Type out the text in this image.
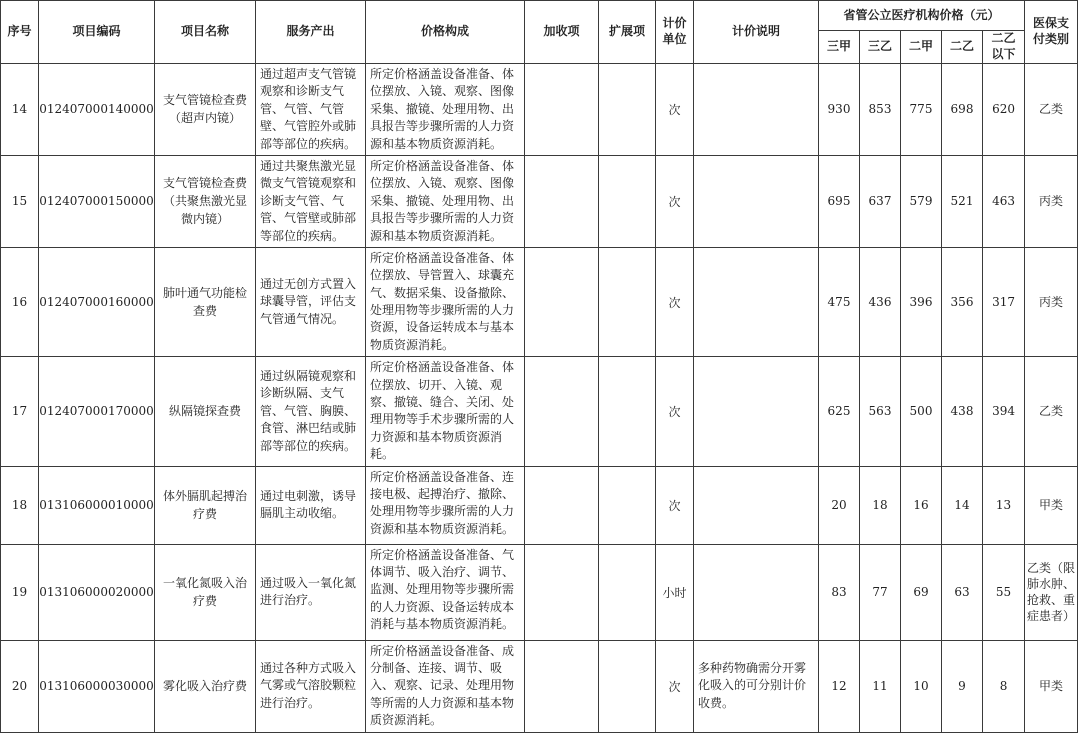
序号	项目编码	项目名称	服务产出	价格构成	加收项	扩展项	计价单位	计价说明	省管公立医疗机构价格（元）					医保支付类别
									三甲	三乙	二甲	二乙	二乙以下	
14	012407000140000	支气管镜检查费（超声内镜）	通过超声支气管镜观察和诊断支气管、气管、气管壁、气管腔外或肺部等部位的疾病。	所定价格涵盖设备准备、体位摆放、入镜、观察、图像采集、撤镜、处理用物、出具报告等步骤所需的人力资源和基本物质资源消耗。			次		930	853	775	698	620	乙类
15	012407000150000	支气管镜检查费（共聚焦激光显微内镜）	通过共聚焦激光显微支气管镜观察和诊断支气管、气管、气管壁或肺部等部位的疾病。	所定价格涵盖设备准备、体位摆放、入镜、观察、图像采集、撤镜、处理用物、出具报告等步骤所需的人力资源和基本物质资源消耗。			次		695	637	579	521	463	丙类
16	012407000160000	肺叶通气功能检查费	通过无创方式置入球囊导管，评估支气管通气情况。	所定价格涵盖设备准备、体位摆放、导管置入、球囊充气、数据采集、设备撤除、处理用物等步骤所需的人力资源，设备运转成本与基本物质资源消耗。			次		475	436	396	356	317	丙类
17	012407000170000	纵隔镜探查费	通过纵隔镜观察和诊断纵隔、支气管、气管、胸膜、食管、淋巴结或肺部等部位的疾病。	所定价格涵盖设备准备、体位摆放、切开、入镜、观察、撤镜、缝合、关闭、处理用物等手术步骤所需的人力资源和基本物质资源消耗。			次		625	563	500	438	394	乙类
18	013106000010000	体外膈肌起搏治疗费	通过电刺激，诱导膈肌主动收缩。	所定价格涵盖设备准备、连接电极、起搏治疗、撤除、处理用物等步骤所需的人力资源和基本物质资源消耗。			次		20	18	16	14	13	甲类
19	013106000020000	一氧化氮吸入治疗费	通过吸入一氧化氮进行治疗。	所定价格涵盖设备准备、气体调节、吸入治疗、调节、监测、处理用物等步骤所需的人力资源、设备运转成本消耗与基本物质资源消耗。			小时		83	77	69	63	55	乙类（限肺水肿、抢救、重症患者）
20	013106000030000	雾化吸入治疗费	通过各种方式吸入气雾或气溶胶颗粒进行治疗。	所定价格涵盖设备准备、成分制备、连接、调节、吸入、观察、记录、处理用物等所需的人力资源和基本物质资源消耗。			次	多种药物确需分开雾化吸入的可分别计价收费。	12	11	10	9	8	甲类
